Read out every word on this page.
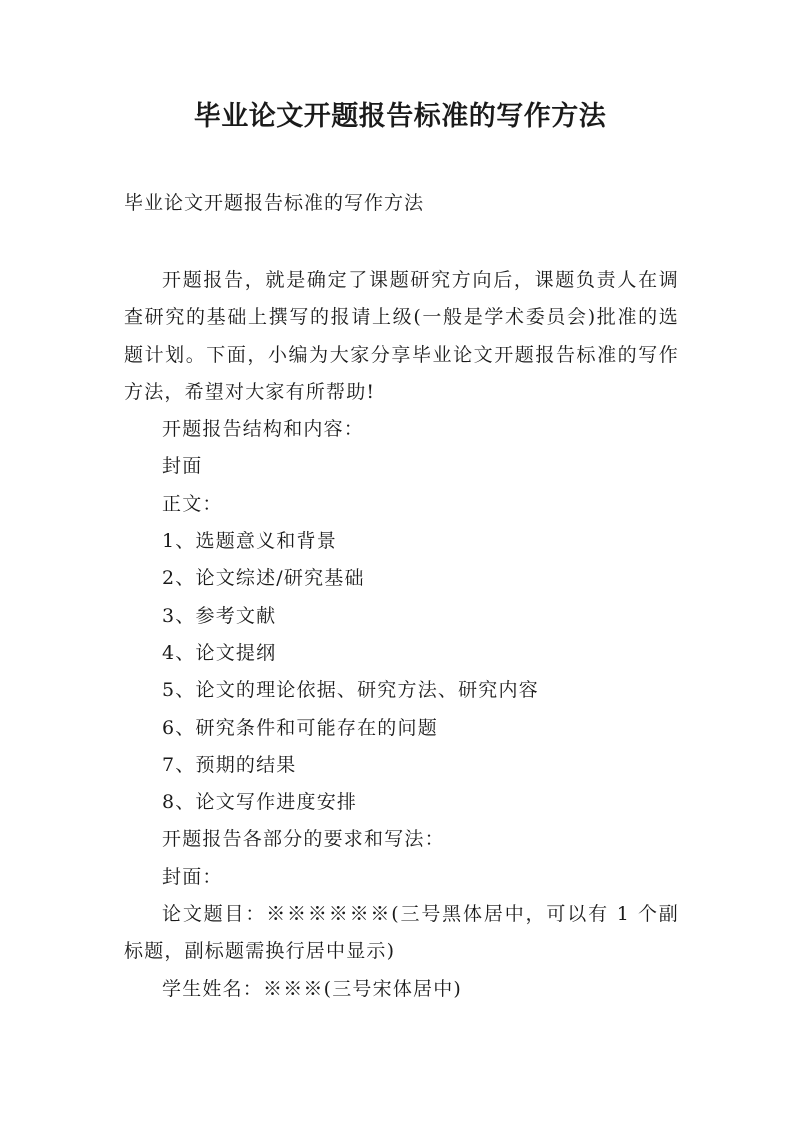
毕业论文开题报告标准的写作方法
毕业论文开题报告标准的写作方法

开题报告，就是确定了课题研究方向后，课题负责人在调查研究的基础上撰写的报请上级(一般是学术委员会)批准的选题计划。下面，小编为大家分享毕业论文开题报告标准的写作方法，希望对大家有所帮助!

开题报告结构和内容：

封面

正文：

1、选题意义和背景

2、论文综述/研究基础

3、参考文献

4、论文提纲

5、论文的理论依据、研究方法、研究内容

6、研究条件和可能存在的问题

7、预期的结果

8、论文写作进度安排

开题报告各部分的要求和写法：

封面：

论文题目：※※※※※※(三号黑体居中，可以有 1 个副标题，副标题需换行居中显示)

学生姓名：※※※(三号宋体居中)
